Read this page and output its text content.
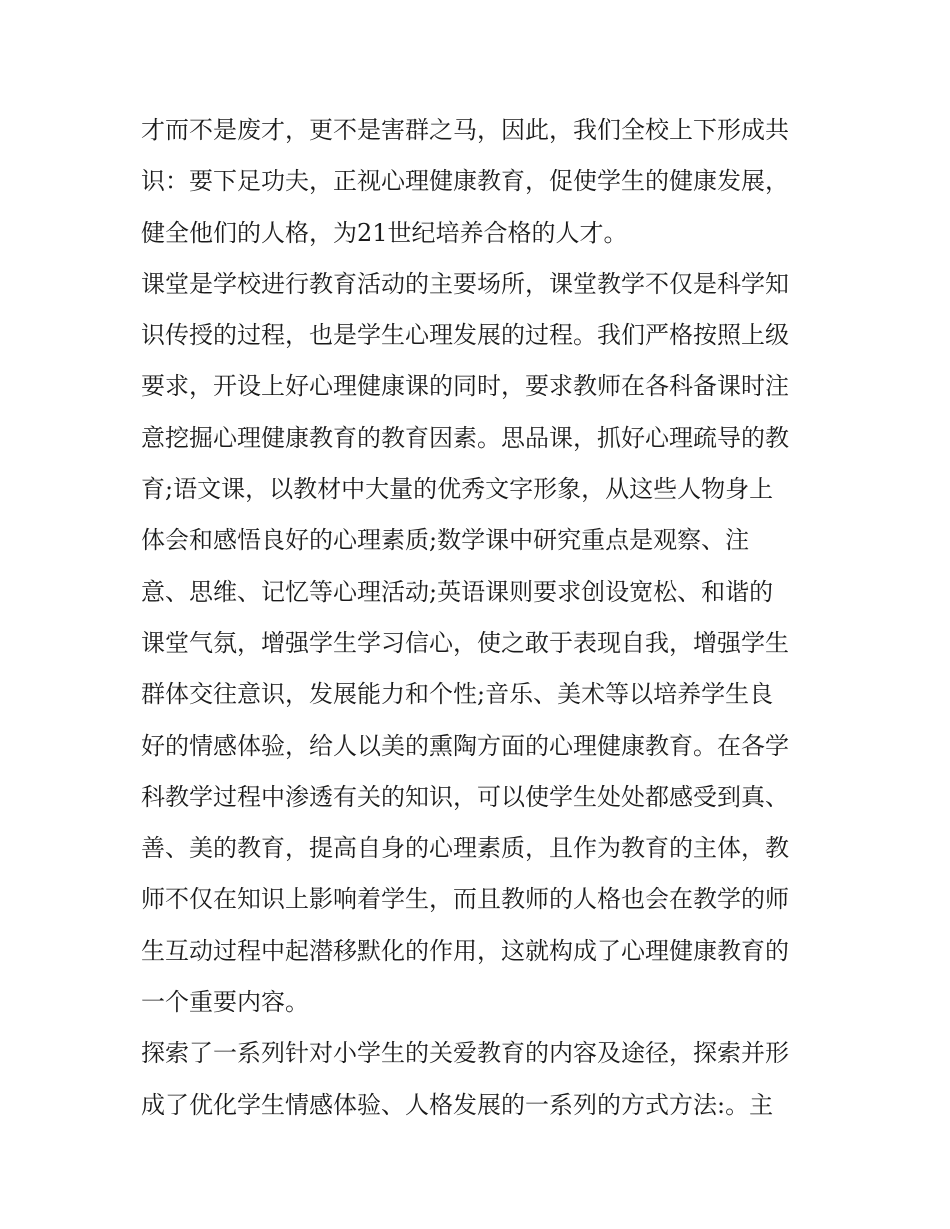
才而不是废才，更不是害群之马，因此，我们全校上下形成共
识：要下足功夫，正视心理健康教育，促使学生的健康发展，
健全他们的人格，为21世纪培养合格的人才。
课堂是学校进行教育活动的主要场所，课堂教学不仅是科学知
识传授的过程，也是学生心理发展的过程。我们严格按照上级
要求，开设上好心理健康课的同时，要求教师在各科备课时注
意挖掘心理健康教育的教育因素。思品课，抓好心理疏导的教
育;语文课，以教材中大量的优秀文字形象，从这些人物身上
体会和感悟良好的心理素质;数学课中研究重点是观察、注
意、思维、记忆等心理活动;英语课则要求创设宽松、和谐的
课堂气氛，增强学生学习信心，使之敢于表现自我，增强学生
群体交往意识，发展能力和个性;音乐、美术等以培养学生良
好的情感体验，给人以美的熏陶方面的心理健康教育。在各学
科教学过程中渗透有关的知识，可以使学生处处都感受到真、
善、美的教育，提高自身的心理素质，且作为教育的主体，教
师不仅在知识上影响着学生，而且教师的人格也会在教学的师
生互动过程中起潜移默化的作用，这就构成了心理健康教育的
一个重要内容。
探索了一系列针对小学生的关爱教育的内容及途径，探索并形
成了优化学生情感体验、人格发展的一系列的方式方法:。主
